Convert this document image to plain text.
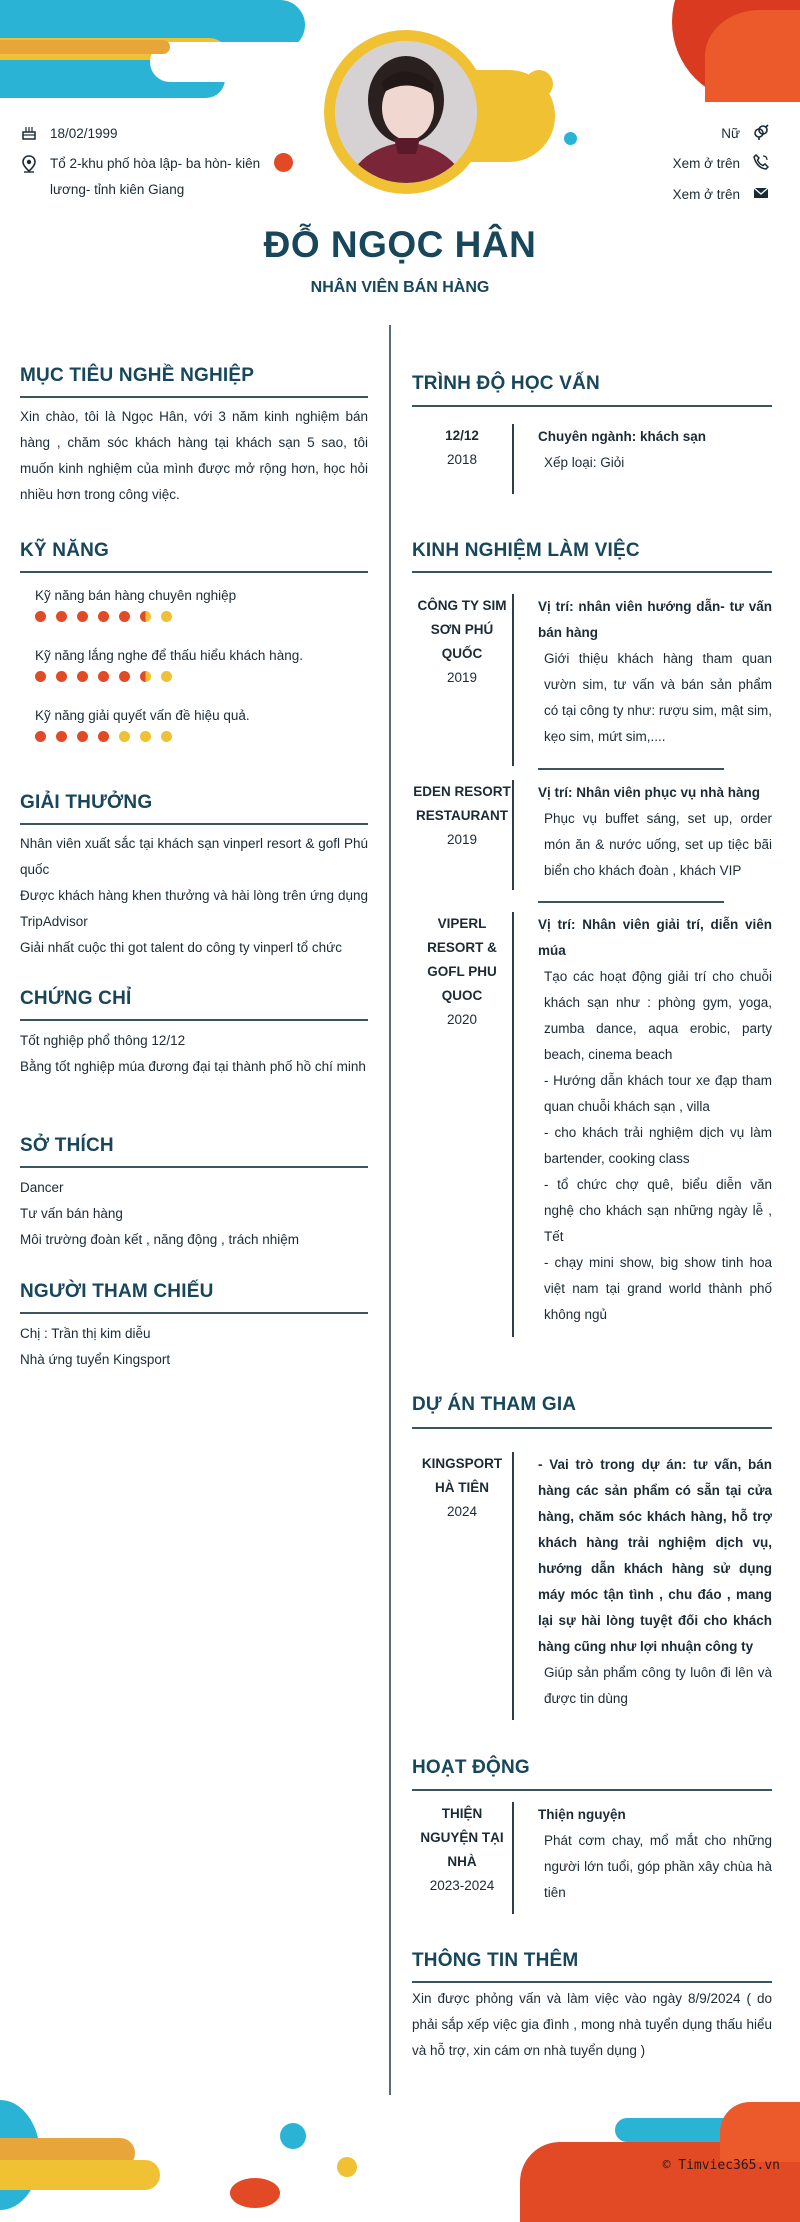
18/02/1999
Tổ 2-khu phố hòa lập- ba hòn- kiên lương- tỉnh kiên Giang
Nữ
Xem ở trên
Xem ở trên
ĐỖ NGỌC HÂN
NHÂN VIÊN BÁN HÀNG
MỤC TIÊU NGHỀ NGHIỆP
Xin chào, tôi là Ngọc Hân, với 3 năm kinh nghiệm bán hàng , chăm sóc khách hàng tại khách sạn 5 sao, tôi muốn kinh nghiệm của mình được mở rộng hơn, học hỏi nhiều hơn trong công việc.
KỸ NĂNG
Kỹ năng bán hàng chuyên nghiệp
Kỹ năng lắng nghe để thấu hiểu khách hàng.
Kỹ năng giải quyết vấn đề hiệu quả.
GIẢI THƯỞNG
Nhân viên xuất sắc tại khách sạn vinperl resort & gofl Phú quốc
Được khách hàng khen thưởng và hài lòng trên ứng dụng TripAdvisor
Giải nhất cuộc thi got talent do công ty vinperl tổ chức
CHỨNG CHỈ
Tốt nghiệp phổ thông 12/12
Bằng tốt nghiệp múa đương đại tại thành phố hồ chí minh
SỞ THÍCH
Dancer
Tư vấn bán hàng
Môi trường đoàn kết , năng động , trách nhiệm
NGƯỜI THAM CHIẾU
Chị : Trần thị kim diễu
Nhà ứng tuyển Kingsport
TRÌNH ĐỘ HỌC VẤN
12/12
2018
Chuyên ngành: khách sạn
Xếp loại: Giỏi
KINH NGHIỆM LÀM VIỆC
CÔNG TY SIM SƠN PHÚ QUỐC
2019
Vị trí: nhân viên hướng dẫn- tư vấn bán hàng
Giới thiệu khách hàng tham quan vườn sim, tư vấn và bán sản phẩm có tại công ty như: rượu sim, mật sim, kẹo sim, mứt sim,....
EDEN RESORT RESTAURANT
2019
Vị trí: Nhân viên phục vụ nhà hàng
Phục vụ buffet sáng, set up, order món ăn & nước uống, set up tiệc bãi biển cho khách đoàn , khách VIP
VIPERL RESORT & GOFL PHU QUOC
2020
Vị trí: Nhân viên giải trí, diễn viên múa
Tạo các hoạt động giải trí cho chuỗi khách sạn như : phòng gym, yoga, zumba dance, aqua erobic, party beach, cinema beach
- Hướng dẫn khách tour xe đạp tham quan chuỗi khách sạn , villa
- cho khách trải nghiệm dịch vụ làm bartender, cooking class
- tổ chức chợ quê, biểu diễn văn nghệ cho khách sạn những ngày lễ , Tết
- chạy mini show, big show tinh hoa việt nam tại grand world thành phố không ngủ
DỰ ÁN THAM GIA
KINGSPORT HÀ TIÊN
2024
- Vai trò trong dự án: tư vấn, bán hàng các sản phẩm có sẵn tại cửa hàng, chăm sóc khách hàng, hỗ trợ khách hàng trải nghiệm dịch vụ, hướng dẫn khách hàng sử dụng máy móc tận tình , chu đáo , mang lại sự hài lòng tuyệt đối cho khách hàng cũng như lợi nhuận công ty
Giúp sản phẩm công ty luôn đi lên và được tin dùng
HOẠT ĐỘNG
THIỆN NGUYỆN TẠI NHÀ
2023-2024
Thiện nguyện
Phát cơm chay, mổ mắt cho những người lớn tuổi, góp phần xây chùa hà tiên
THÔNG TIN THÊM
Xin được phỏng vấn và làm việc vào ngày 8/9/2024 ( do phải sắp xếp việc gia đình , mong nhà tuyển dụng thấu hiểu và hỗ trợ, xin cám ơn nhà tuyển dụng )
© Timviec365.vn
